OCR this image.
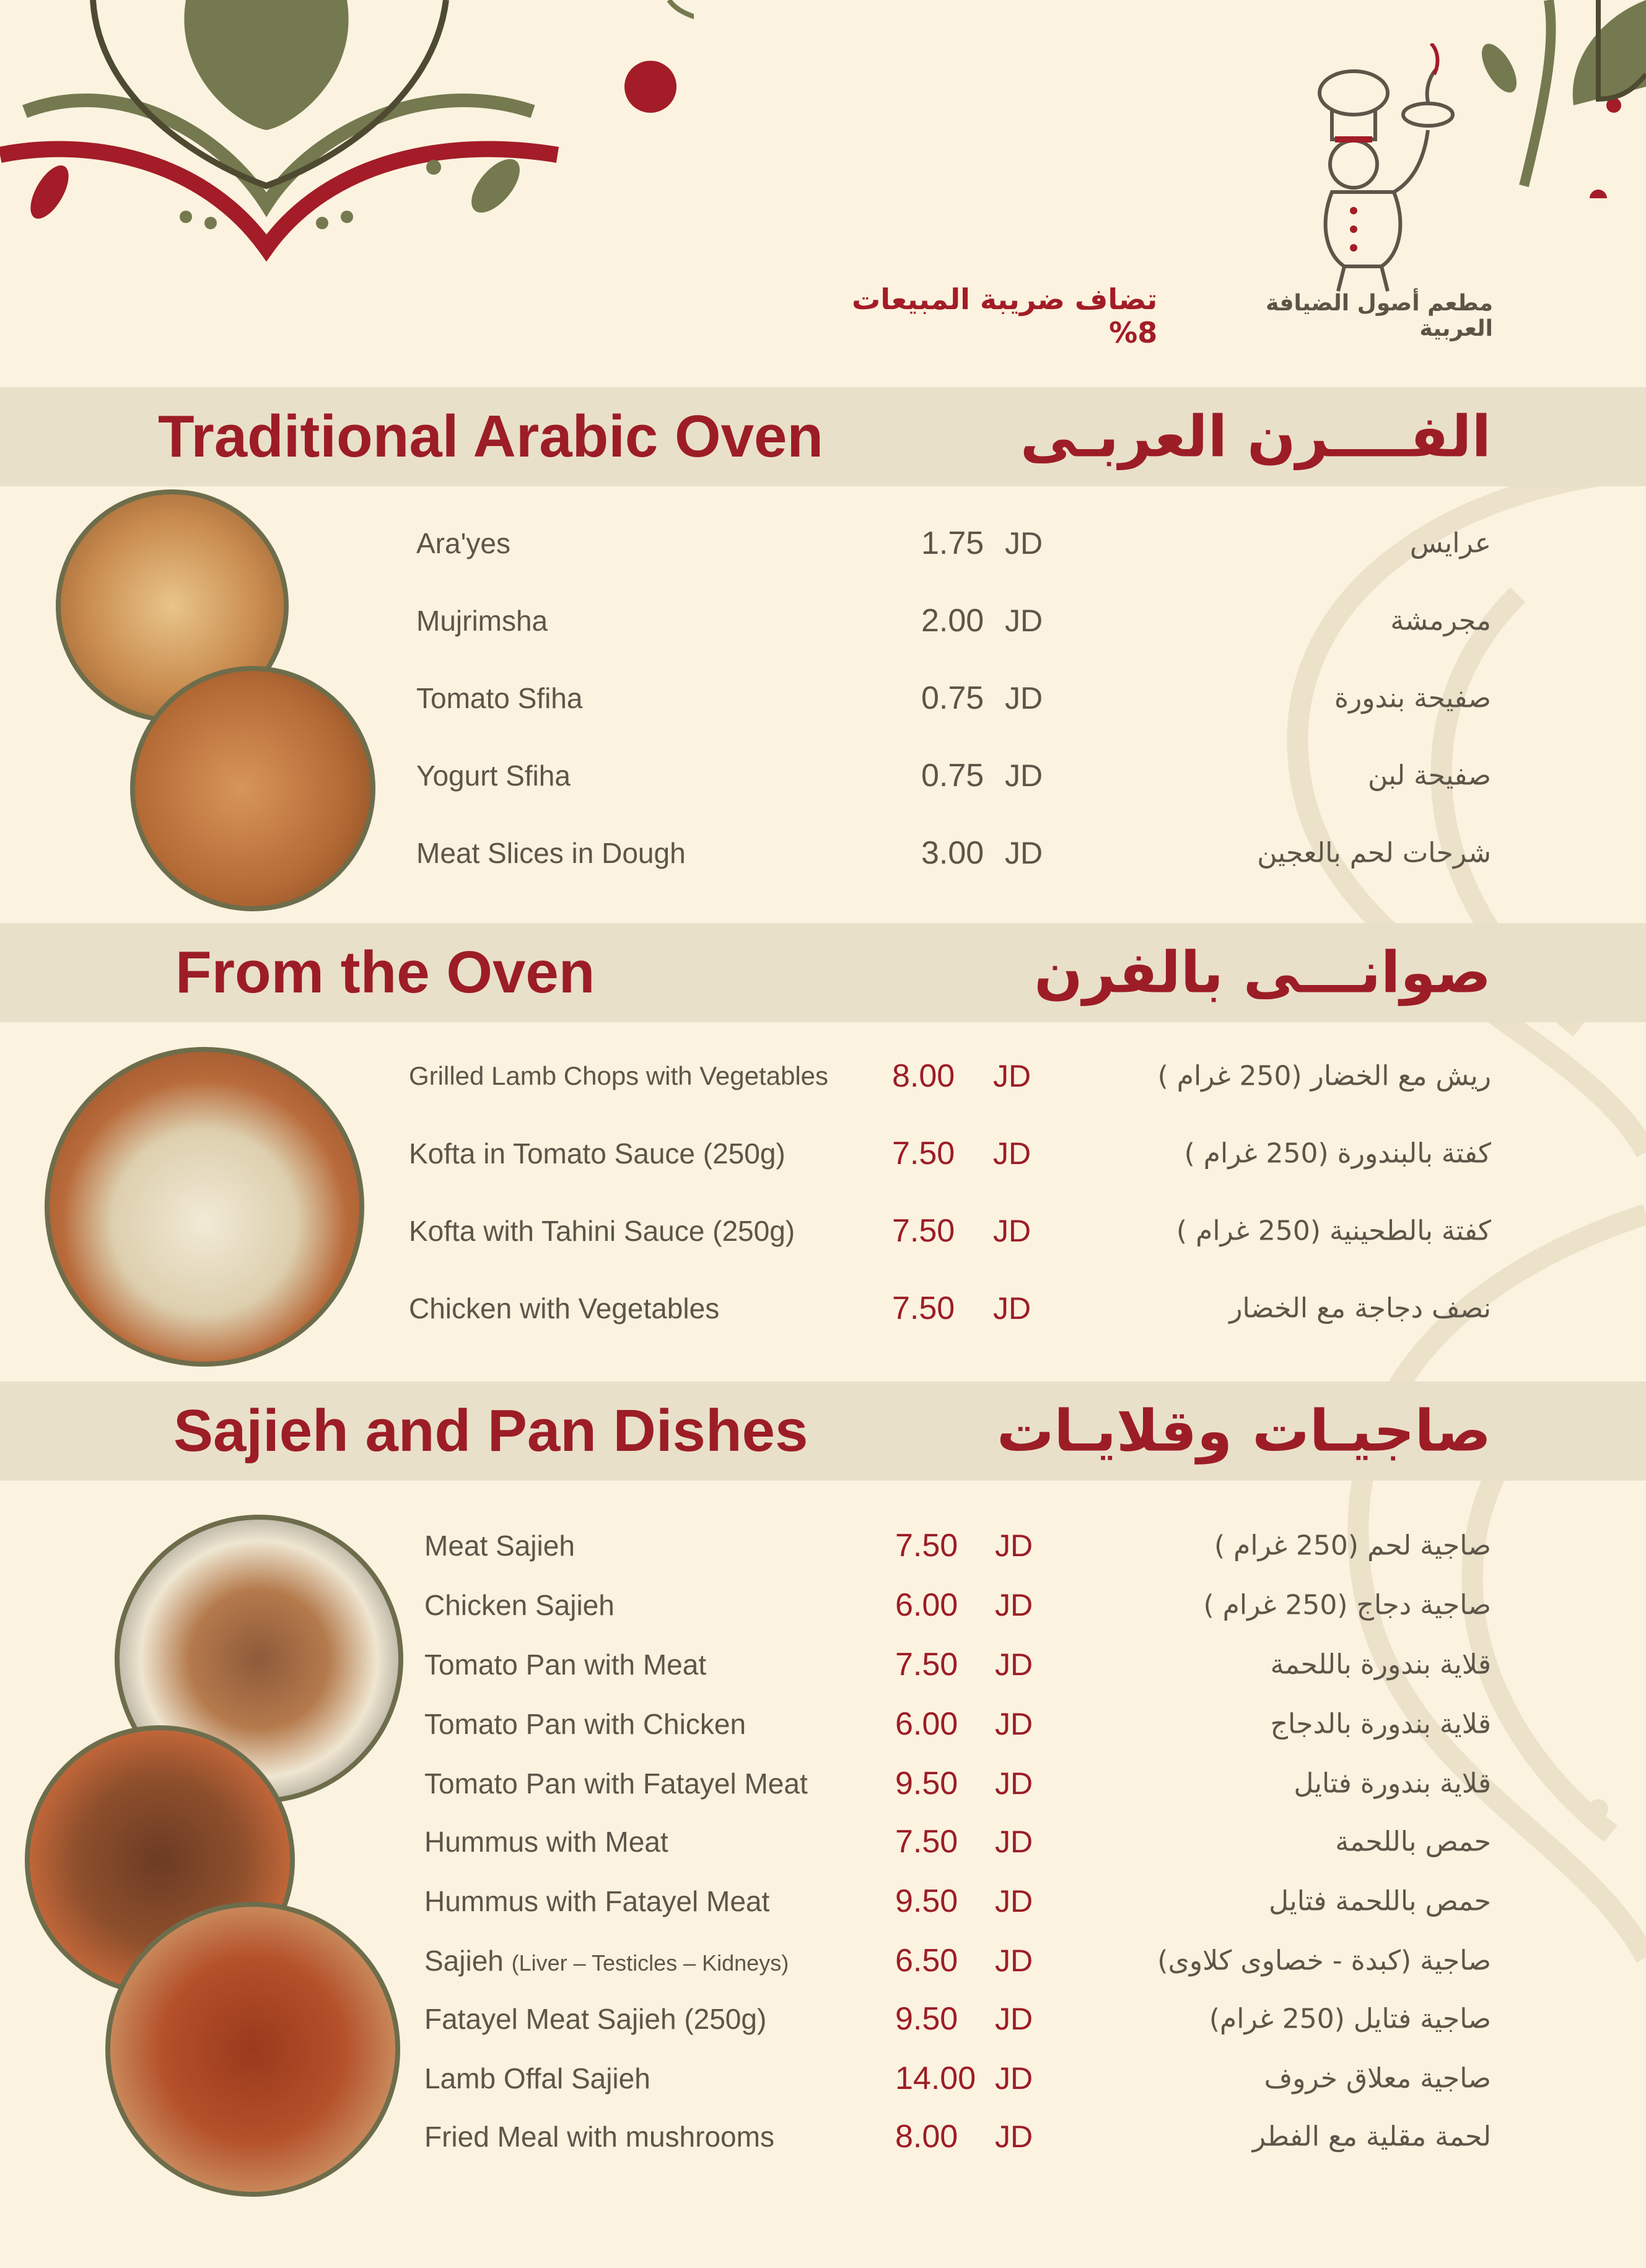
مطعم أصول الضيافة العربية
تضاف ضريبة المبيعات 8%
Traditional Arabic Oven	الفــــرن العربـى
Ara'yes	1.75 JD	عرايس
Mujrimsha	2.00 JD	مجرمشة
Tomato Sfiha	0.75 JD	صفيحة بندورة
Yogurt Sfiha	0.75 JD	صفيحة لبن
Meat Slices in Dough	3.00 JD	شرحات لحم بالعجين
From the Oven	صوانـــى بالفرن
Grilled Lamb Chops with Vegetables 8.00 JD	ريش مع الخضار (250 غرام )
Kofta in Tomato Sauce (250g)	7.50 JD	كفتة بالبندورة (250 غرام )
Kofta with Tahini Sauce (250g)	7.50 JD	كفتة بالطحينية (250 غرام )
Chicken with Vegetables	7.50 JD	نصف دجاجة مع الخضار
Sajieh and Pan Dishes	صاجيـات وقلايـات
Meat Sajieh	7.50 JD	صاجية لحم (250 غرام )
Chicken Sajieh	6.00 JD	صاجية دجاج (250 غرام )
Tomato Pan with Meat	7.50 JD	قلاية بندورة باللحمة
Tomato Pan with Chicken	6.00 JD	قلاية بندورة بالدجاج
Tomato Pan with Fatayel Meat	9.50 JD	قلاية بندورة فتايل
Hummus with Meat	7.50 JD	حمص باللحمة
Hummus with Fatayel Meat	9.50 JD	حمص باللحمة فتايل
Sajieh (Liver – Testicles – Kidneys)	6.50 JD	صاجية (كبدة - خصاوى كلاوى)
Fatayel Meat Sajieh (250g)	9.50 JD	صاجية فتايل (250 غرام)
Lamb Offal Sajieh	14.00 JD	صاجية معلاق خروف
Fried Meal with mushrooms	8.00 JD	لحمة مقلية مع الفطر
